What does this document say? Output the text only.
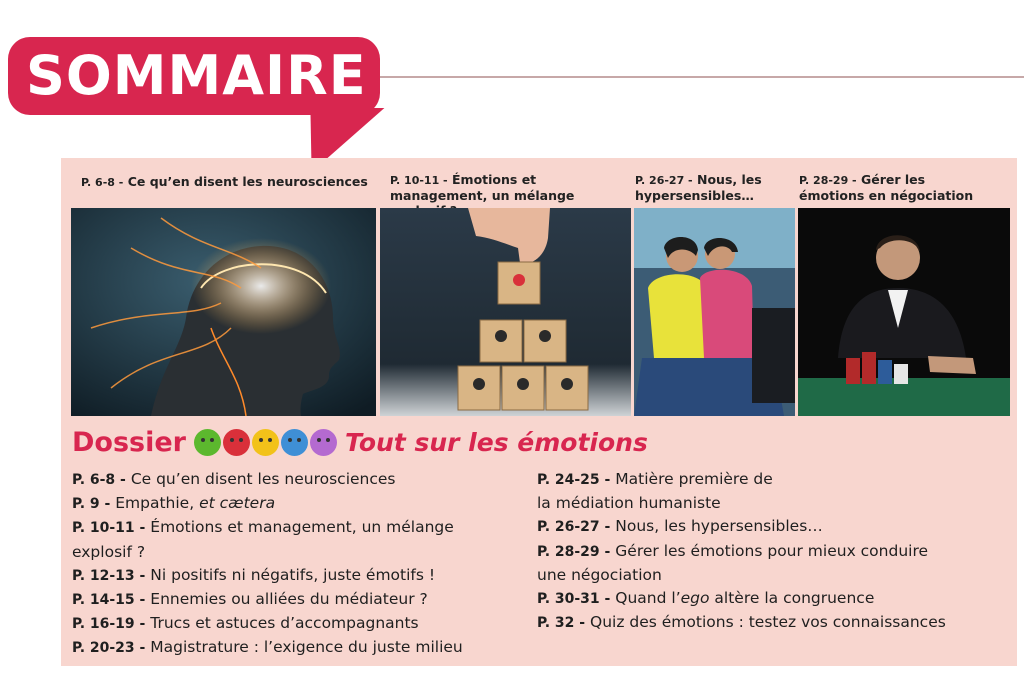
SOMMAIRE
P. 6-8 - Ce qu’en disent les neurosciences P. 10-11 - Émotions et management, un mélange
P. 26-27 - Nous, les hypersensibles…
P. 28-29 - Gérer les émotions en négociation
Dossier	Tout sur les émotions
P. 6-8 - Ce qu’en disent les neurosciences
P. 9 - Empathie, et cætera
P. 10-11 - Émotions et management, un mélange
explosif ?
P. 12-13 - Ni positifs ni négatifs, juste émotifs !
P. 14-15 - Ennemies ou alliées du médiateur ?
P. 16-19 - Trucs et astuces d’accompagnants
P. 20-23 - Magistrature : l’exigence du juste milieu
P. 24-25 - Matière première de
la médiation humaniste
P. 26-27 - Nous, les hypersensibles…
P. 28-29 - Gérer les émotions pour mieux conduire
une négociation
P. 30-31 - Quand l’ego altère la congruence
P. 32 - Quiz des émotions : testez vos connaissances
